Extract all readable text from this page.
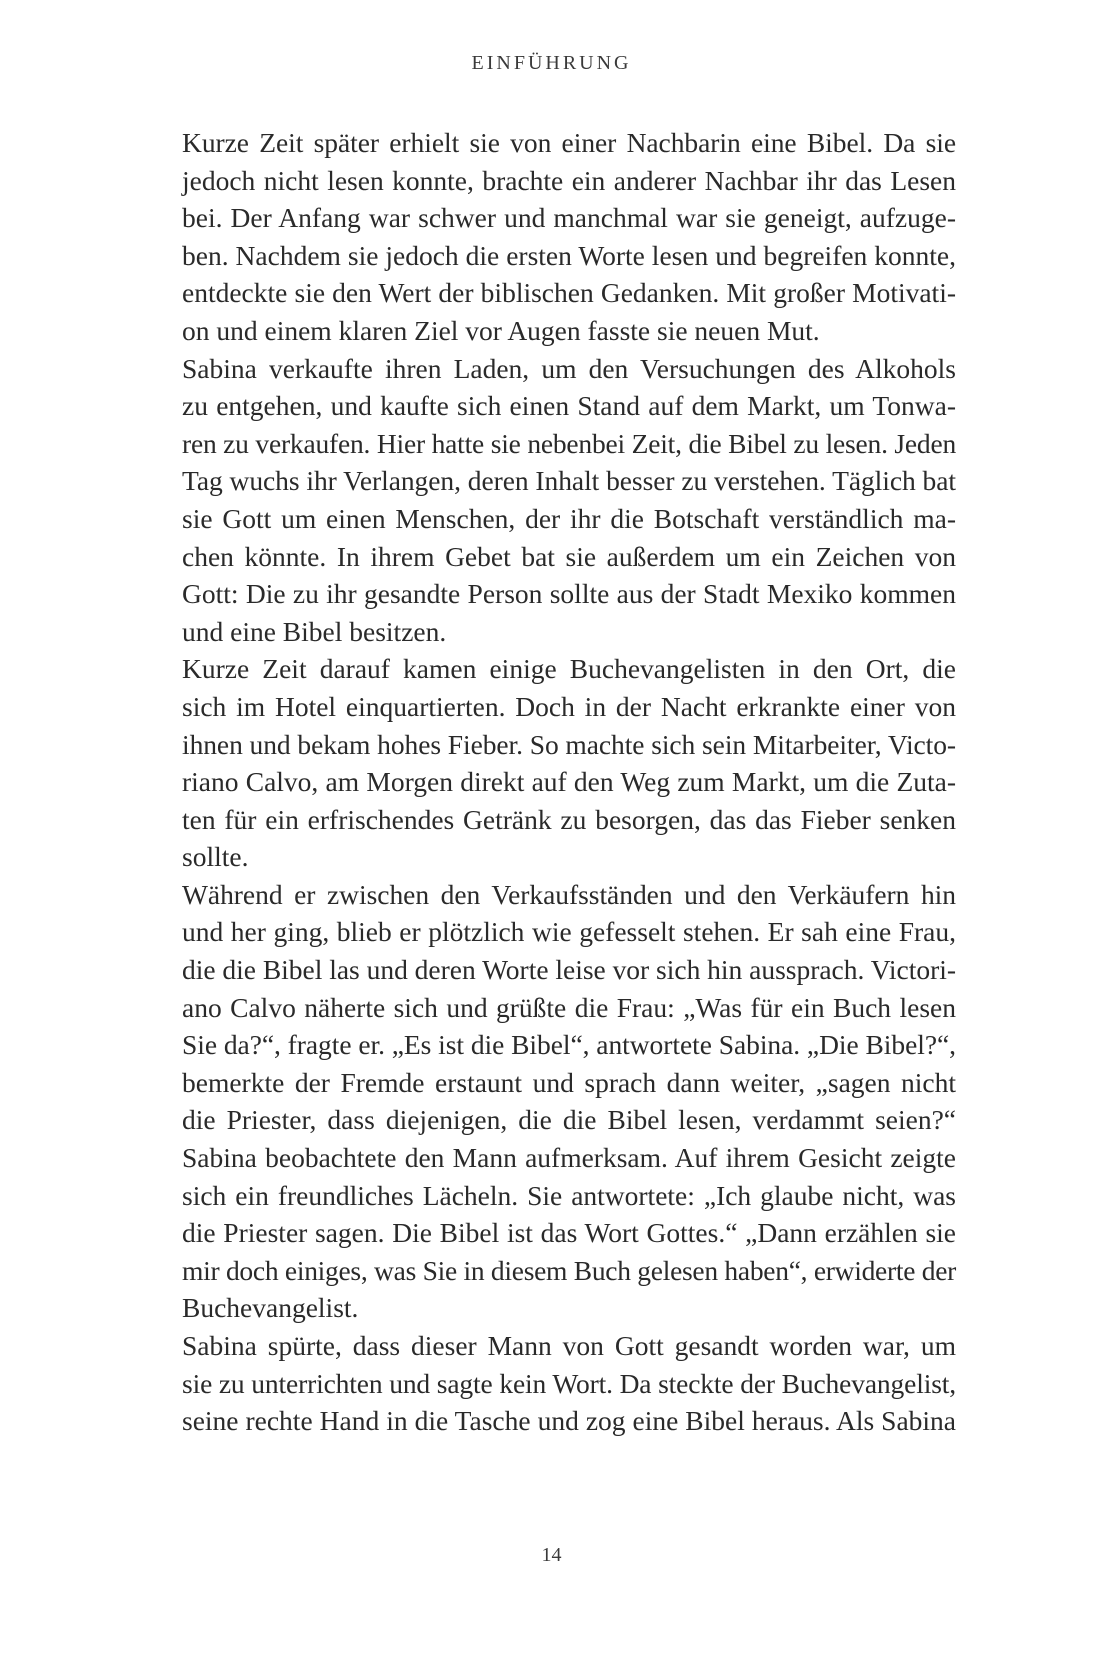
EINFÜHRUNG

Kurze Zeit später erhielt sie von einer Nachbarin eine Bibel. Da sie
jedoch nicht lesen konnte, brachte ein anderer Nachbar ihr das Lesen
bei. Der Anfang war schwer und manchmal war sie geneigt, aufzuge-
ben. Nachdem sie jedoch die ersten Worte lesen und begreifen konnte,
entdeckte sie den Wert der biblischen Gedanken. Mit großer Motivati-
on und einem klaren Ziel vor Augen fasste sie neuen Mut.

Sabina verkaufte ihren Laden, um den Versuchungen des Alkohols
zu entgehen, und kaufte sich einen Stand auf dem Markt, um Tonwa-
ren zu verkaufen. Hier hatte sie nebenbei Zeit, die Bibel zu lesen. Jeden
Tag wuchs ihr Verlangen, deren Inhalt besser zu verstehen. Täglich bat
sie Gott um einen Menschen, der ihr die Botschaft verständlich ma-
chen könnte. In ihrem Gebet bat sie außerdem um ein Zeichen von
Gott: Die zu ihr gesandte Person sollte aus der Stadt Mexiko kommen
und eine Bibel besitzen.

Kurze Zeit darauf kamen einige Buchevangelisten in den Ort, die
sich im Hotel einquartierten. Doch in der Nacht erkrankte einer von
ihnen und bekam hohes Fieber. So machte sich sein Mitarbeiter, Victo-
riano Calvo, am Morgen direkt auf den Weg zum Markt, um die Zuta-
ten für ein erfrischendes Getränk zu besorgen, das das Fieber senken
sollte.

Während er zwischen den Verkaufsständen und den Verkäufern hin
und her ging, blieb er plötzlich wie gefesselt stehen. Er sah eine Frau,
die die Bibel las und deren Worte leise vor sich hin aussprach. Victori-
ano Calvo näherte sich und grüßte die Frau: „Was für ein Buch lesen
Sie da?“, fragte er. „Es ist die Bibel“, antwortete Sabina. „Die Bibel?“,
bemerkte der Fremde erstaunt und sprach dann weiter, „sagen nicht
die Priester, dass diejenigen, die die Bibel lesen, verdammt seien?“
Sabina beobachtete den Mann aufmerksam. Auf ihrem Gesicht zeigte
sich ein freundliches Lächeln. Sie antwortete: „Ich glaube nicht, was
die Priester sagen. Die Bibel ist das Wort Gottes.“ „Dann erzählen sie
mir doch einiges, was Sie in diesem Buch gelesen haben“, erwiderte der
Buchevangelist.

Sabina spürte, dass dieser Mann von Gott gesandt worden war, um
sie zu unterrichten und sagte kein Wort. Da steckte der Buchevangelist,
seine rechte Hand in die Tasche und zog eine Bibel heraus. Als Sabina

14
